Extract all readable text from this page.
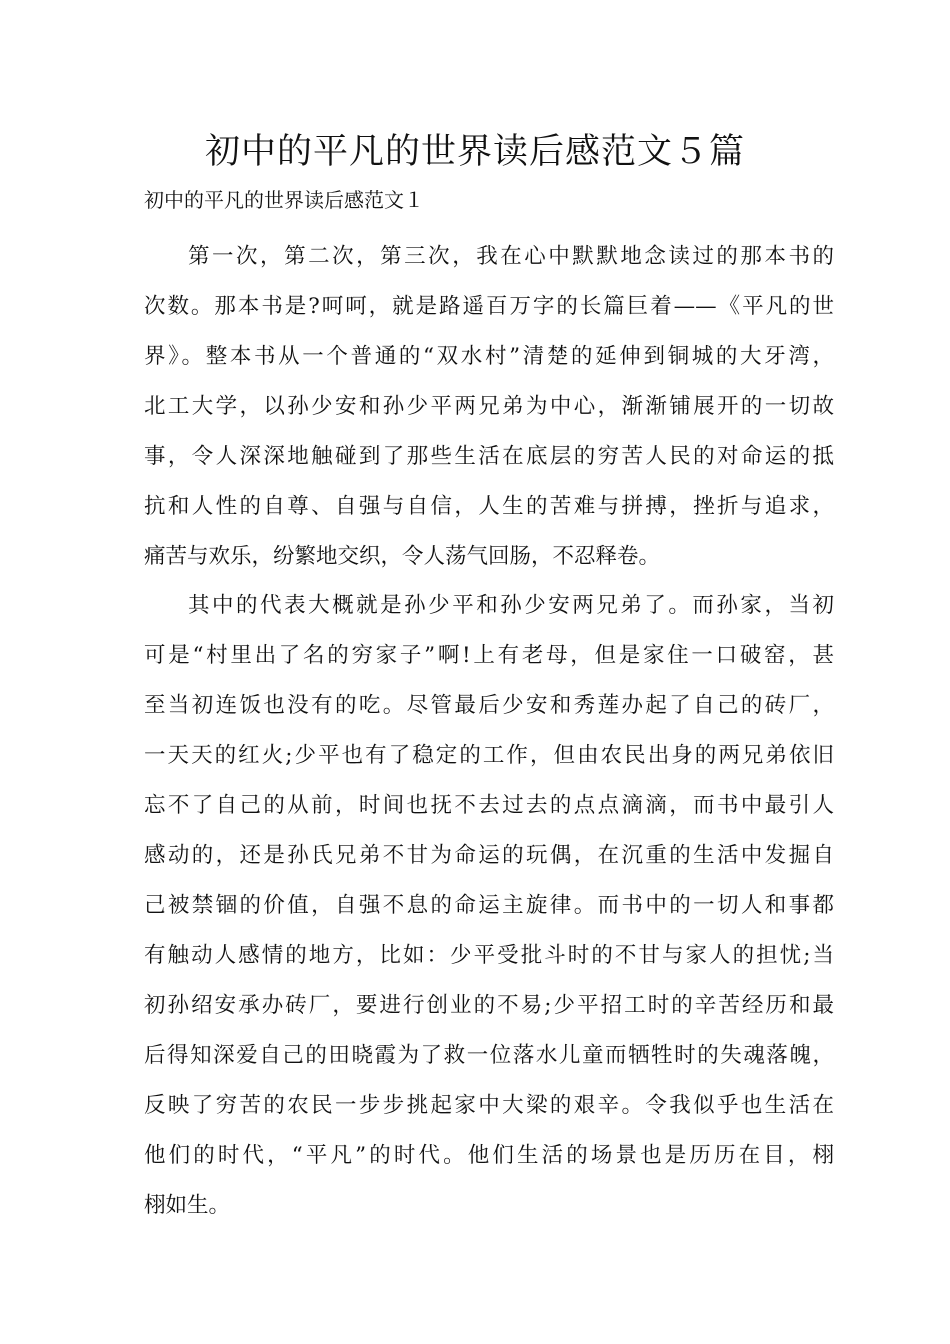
初中的平凡的世界读后感范文５篇
初中的平凡的世界读后感范文１
第一次，第二次，第三次，我在心中默默地念读过的那本书的
次数。那本书是?呵呵，就是路遥百万字的长篇巨着——《平凡的世
界》。整本书从一个普通的“双水村”清楚的延伸到铜城的大牙湾，
北工大学，以孙少安和孙少平两兄弟为中心，渐渐铺展开的一切故
事，令人深深地触碰到了那些生活在底层的穷苦人民的对命运的抵
抗和人性的自尊、自强与自信，人生的苦难与拼搏，挫折与追求，
痛苦与欢乐，纷繁地交织，令人荡气回肠，不忍释卷。
其中的代表大概就是孙少平和孙少安两兄弟了。而孙家，当初
可是“村里出了名的穷家子”啊!上有老母，但是家住一口破窑，甚
至当初连饭也没有的吃。尽管最后少安和秀莲办起了自己的砖厂，
一天天的红火;少平也有了稳定的工作，但由农民出身的两兄弟依旧
忘不了自己的从前，时间也抚不去过去的点点滴滴，而书中最引人
感动的，还是孙氏兄弟不甘为命运的玩偶，在沉重的生活中发掘自
己被禁锢的价值，自强不息的命运主旋律。而书中的一切人和事都
有触动人感情的地方，比如：少平受批斗时的不甘与家人的担忧;当
初孙绍安承办砖厂，要进行创业的不易;少平招工时的辛苦经历和最
后得知深爱自己的田晓霞为了救一位落水儿童而牺牲时的失魂落魄，
反映了穷苦的农民一步步挑起家中大梁的艰辛。令我似乎也生活在
他们的时代，“平凡”的时代。他们生活的场景也是历历在目，栩
栩如生。
